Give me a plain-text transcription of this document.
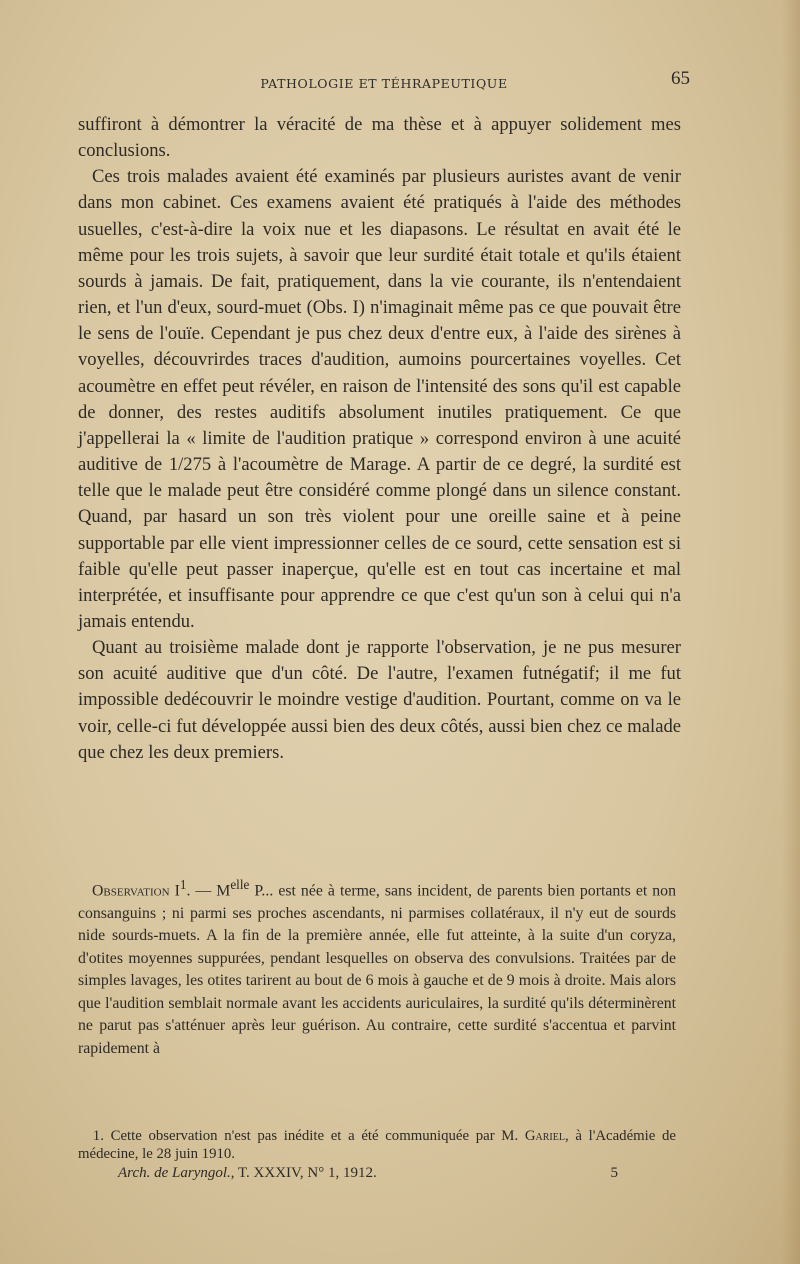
PATHOLOGIE ET TÉHRAPEUTIQUE	65

suffiront à démontrer la véracité de ma thèse et à appuyer solidement mes conclusions.

Ces trois malades avaient été examinés par plusieurs auristes avant de venir dans mon cabinet. Ces examens avaient été pratiqués à l'aide des méthodes usuelles, c'est-à-dire la voix nue et les diapasons. Le résultat en avait été le même pour les trois sujets, à savoir que leur surdité était totale et qu'ils étaient sourds à jamais. De fait, pratiquement, dans la vie courante, ils n'entendaient rien, et l'un d'eux, sourd-muet (Obs. I) n'imaginait même pas ce que pouvait être le sens de l'ouïe. Cependant je pus chez deux d'entre eux, à l'aide des sirènes à voyelles, découvrirdes traces d'audition, aumoins pourcertaines voyelles. Cet acoumètre en effet peut révéler, en raison de l'intensité des sons qu'il est capable de donner, des restes auditifs absolument inutiles pratiquement. Ce que j'appellerai la « limite de l'audition pratique » correspond environ à une acuité auditive de 1/275 à l'acoumètre de Marage. A partir de ce degré, la surdité est telle que le malade peut être considéré comme plongé dans un silence constant. Quand, par hasard un son très violent pour une oreille saine et à peine supportable par elle vient impressionner celles de ce sourd, cette sensation est si faible qu'elle peut passer inaperçue, qu'elle est en tout cas incertaine et mal interprétée, et insuffisante pour apprendre ce que c'est qu'un son à celui qui n'a jamais entendu.

Quant au troisième malade dont je rapporte l'observation, je ne pus mesurer son acuité auditive que d'un côté. De l'autre, l'examen futnégatif; il me fut impossible dedécouvrir le moindre vestige d'audition. Pourtant, comme on va le voir, celle-ci fut développée aussi bien des deux côtés, aussi bien chez ce malade que chez les deux premiers.

Observation $I^1$. — $M^{elle}$ P... est née à terme, sans incident, de parents bien portants et non consanguins ; ni parmi ses proches ascendants, ni parmises collatéraux, il n'y eut de sourds nide sourds-muets. A la fin de la première année, elle fut atteinte, à la suite d'un coryza, d'otites moyennes suppurées, pendant lesquelles on observa des convulsions. Traitées par de simples lavages, les otites tarirent au bout de 6 mois à gauche et de 9 mois à droite. Mais alors que l'audition semblait normale avant les accidents auriculaires, la surdité qu'ils déterminèrent ne parut pas s'atténuer après leur guérison. Au contraire, cette surdité s'accentua et parvint rapidement à

 1. Cette observation n'est pas inédite et a été communiquée par M. Gariel, à l'Académie de médecine, le 28 juin 1910.

Arch. de Laryngol., T. XXXIV, N° 1, 1912.	5
